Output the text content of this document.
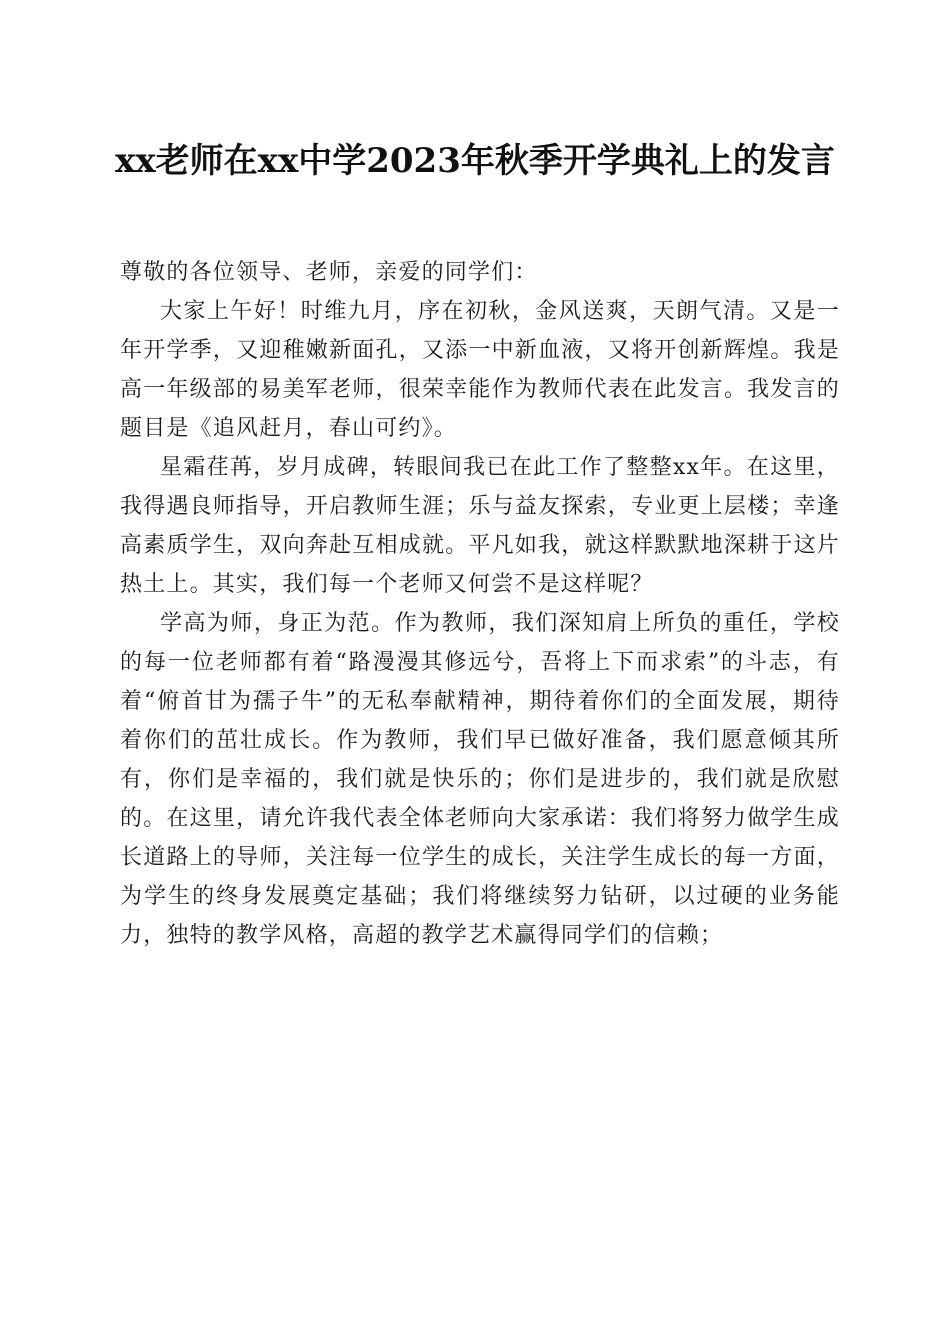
xx老师在xx中学2023年秋季开学典礼上的发言

尊敬的各位领导、老师，亲爱的同学们：

大家上午好！时维九月，序在初秋，金风送爽，天朗气清。又是一年开学季，又迎稚嫩新面孔，又添一中新血液，又将开创新辉煌。我是高一年级部的易美军老师，很荣幸能作为教师代表在此发言。我发言的题目是《追风赶月，春山可约》。

星霜荏苒，岁月成碑，转眼间我已在此工作了整整xx年。在这里，我得遇良师指导，开启教师生涯；乐与益友探索，专业更上层楼；幸逢高素质学生，双向奔赴互相成就。平凡如我，就这样默默地深耕于这片热土上。其实，我们每一个老师又何尝不是这样呢？

学高为师，身正为范。作为教师，我们深知肩上所负的重任，学校的每一位老师都有着“路漫漫其修远兮，吾将上下而求索”的斗志，有着“俯首甘为孺子牛”的无私奉献精神，期待着你们的全面发展，期待着你们的茁壮成长。作为教师，我们早已做好准备，我们愿意倾其所有，你们是幸福的，我们就是快乐的；你们是进步的，我们就是欣慰的。在这里，请允许我代表全体老师向大家承诺：我们将努力做学生成长道路上的导师，关注每一位学生的成长，关注学生成长的每一方面，为学生的终身发展奠定基础；我们将继续努力钻研，以过硬的业务能力，独特的教学风格，高超的教学艺术赢得同学们的信赖；
